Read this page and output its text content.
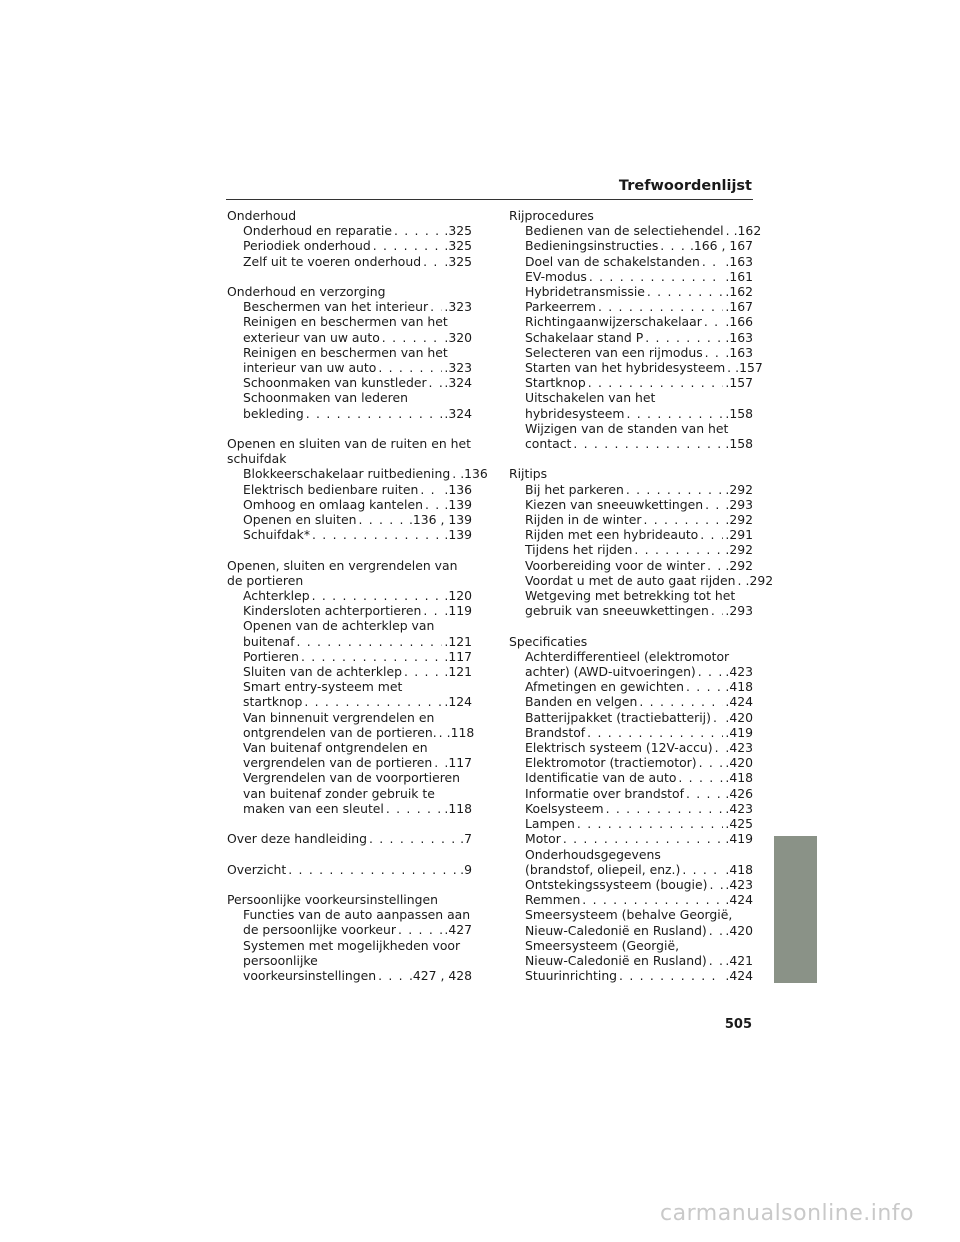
Trefwoordenlijst
Onderhoud
Onderhoud en reparatie . . .	.325
Periodiek onderhoud . . .	.325
Zelf uit te voeren onderhoud . . . .325
Onderhoud en verzorging
Beschermen van het interieur . . . .323
Reinigen en beschermen van het
exterieur van uw auto . . .	.320
Reinigen en beschermen van het
interieur van uw auto . . .	.323
Schoonmaken van kunstleder . . . .324
Schoonmaken van lederen
bekleding . . .	.324
Openen en sluiten van de ruiten en het schuifdak
Blokkeerschakelaar ruitbediening . . . .136
Elektrisch bedienbare ruiten . . . .136
Omhoog en omlaag kantelen . . . .139
Openen en sluiten . . .	.136 , 139
Schuifdak* . . .	.139
Openen, sluiten en vergrendelen van de portieren
Achterklep . . .	.120
Kindersloten achterportieren . . . .119
Openen van de achterklep van
buitenaf . . .	.121
Portieren . . .	.117
Sluiten van de achterklep . . .	.121
Smart entry-systeem met
startknop . . .	.124
Van binnenuit vergrendelen en
ontgrendelen van de portieren. . . . .118
Van buitenaf ontgrendelen en
vergrendelen van de portieren . . . .117
Vergrendelen van de voorportieren van buitenaf zonder gebruik te
maken van een sleutel . . .	.118
Over deze handleiding . . .	.7
Overzicht . . .	.9
Persoonlijke voorkeursinstellingen
Functies van de auto aanpassen aan
de persoonlijke voorkeur . . .	.427
Systemen met mogelijkheden voor persoonlijke
voorkeursinstellingen . . .	.427 , 428
Rijprocedures
Bedienen van de selectiehendel . . . .162
Bedieningsinstructies . . .	.166 , 167
Doel van de schakelstanden . . . .163
EV-modus . . .	.161
Hybridetransmissie . . .	.162
Parkeerrem . . .	.167
Richtingaanwijzerschakelaar . . . .166
Schakelaar stand P . . .	.163
Selecteren van een rijmodus . . . .163
Starten van het hybridesysteem . . . .157
Startknop . . .	.157
Uitschakelen van het
hybridesysteem . . .	.158
Wijzigen van de standen van het
contact . . .	.158
Rijtips
Bij het parkeren . . .	.292
Kiezen van sneeuwkettingen . . . .293
Rijden in de winter . . .	.292
Rijden met een hybrideauto . . . .291
Tijdens het rijden . . .	.292
Voorbereiding voor de winter . . . .292
Voordat u met de auto gaat rijden . . . .292
Wetgeving met betrekking tot het
gebruik van sneeuwkettingen . . . .293
Specificaties
Achterdifferentieel (elektromotor
achter) (AWD-uitvoeringen) . . . .423
Afmetingen en gewichten . . .	.418
Banden en velgen . . .	.424
Batterijpakket (tractiebatterij) . . . .420
Brandstof . . .	.419
Elektrisch systeem (12V-accu) . . . .423
Elektromotor (tractiemotor) . . . .420
Identificatie van de auto . . .	.418
Informatie over brandstof . . .	.426
Koelsysteem . . .	.423
Lampen . . .	.425
Motor . . .	.419
Onderhoudsgegevens
(brandstof, oliepeil, enz.) . . .	.418
Ontstekingssysteem (bougie) . . . .423
Remmen . . .	.424
Smeersysteem (behalve Georgië,
Nieuw-Caledonië en Rusland) . . . .420
Smeersysteem (Georgië,
Nieuw-Caledonië en Rusland) . . . .421
Stuurinrichting . . .	.424
505
carmanualsonline.info
